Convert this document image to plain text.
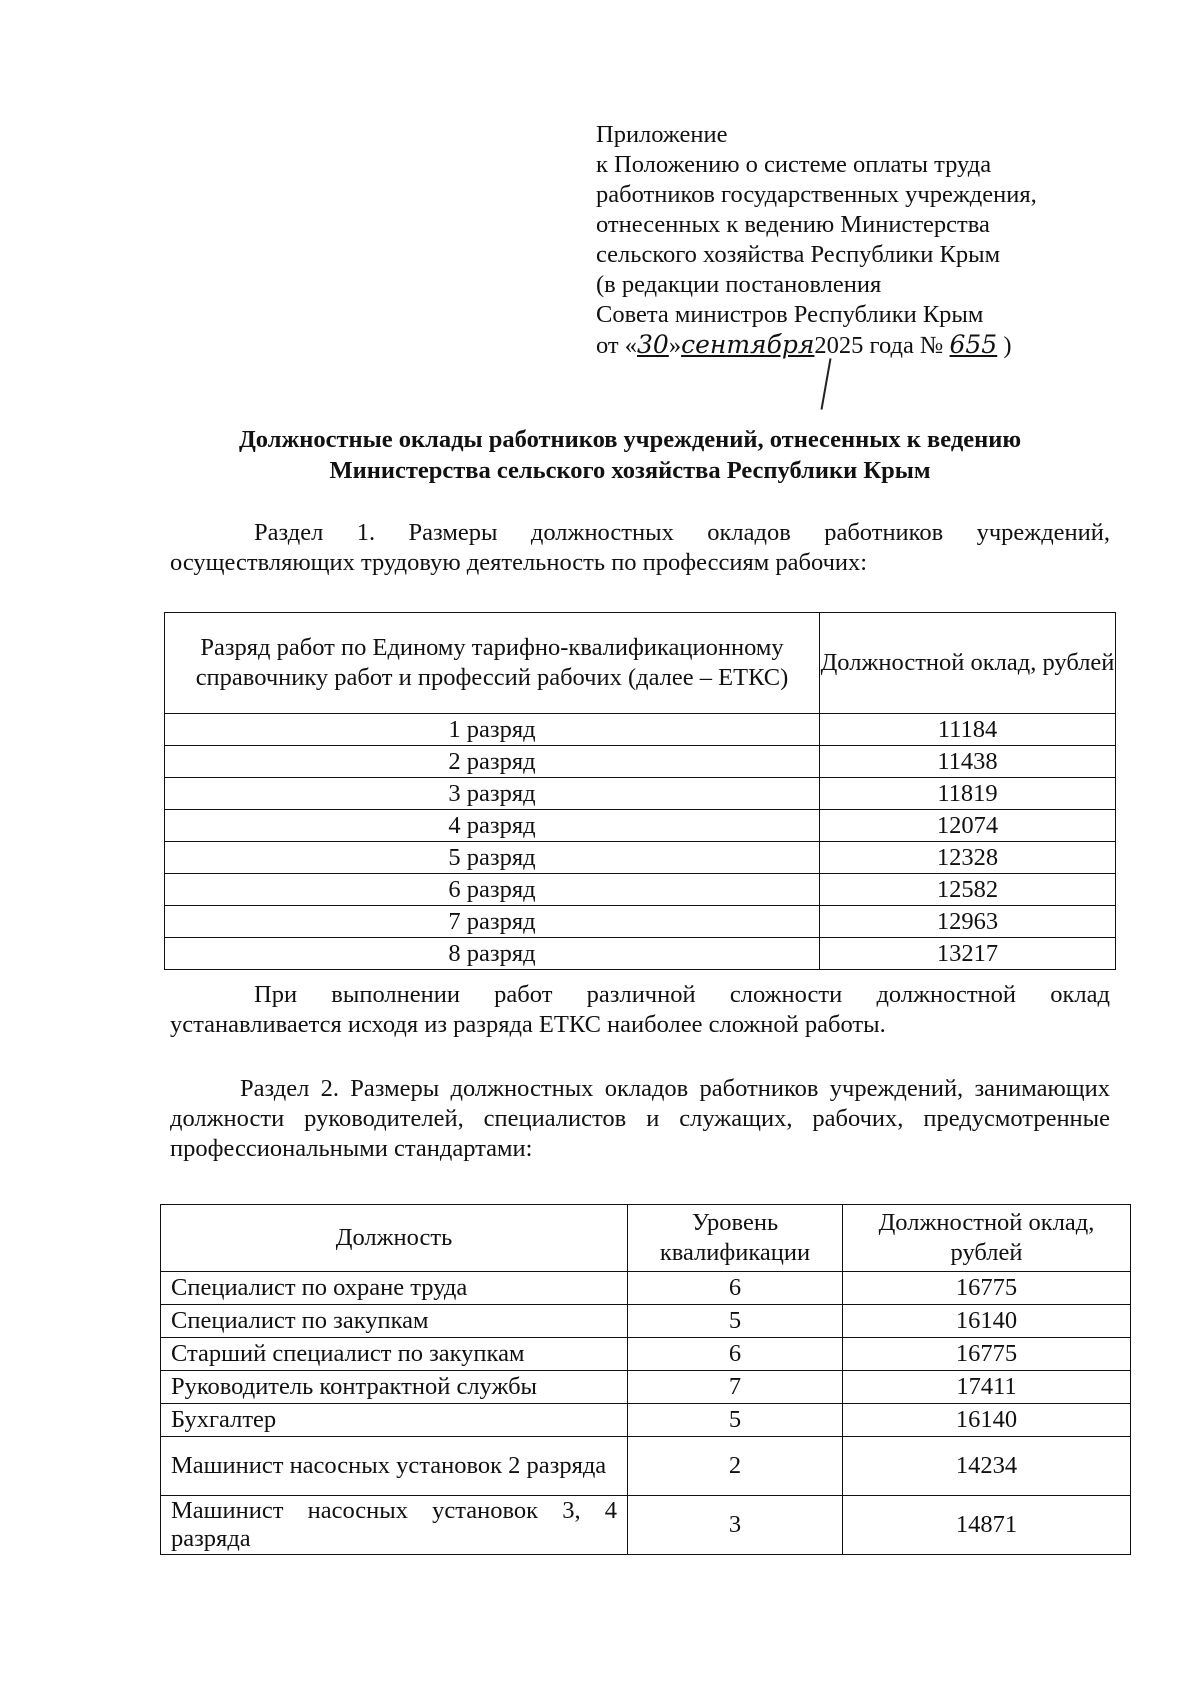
Приложение
к Положению о системе оплаты труда
работников государственных учреждения,
отнесенных к ведению Министерства
сельского хозяйства Республики Крым
(в редакции постановления
Совета министров Республики Крым
от «30»сентября2025 года № 655 )
Должностные оклады работников учреждений, отнесенных к ведению
Министерства сельского хозяйства Республики Крым
Раздел 1. Размеры должностных окладов работников учреждений, осуществляющих трудовую деятельность по профессиям рабочих:
Разряд работ по Единому тарифно-квалификационному справочнику работ и профессий рабочих (далее – ЕТКС)	Должностной оклад, рублей
1 разряд	11184
2 разряд	11438
3 разряд	11819
4 разряд	12074
5 разряд	12328
6 разряд	12582
7 разряд	12963
8 разряд	13217
При выполнении работ различной сложности должностной оклад устанавливается исходя из разряда ЕТКС наиболее сложной работы.
Раздел 2. Размеры должностных окладов работников учреждений, занимающих должности руководителей, специалистов и служащих, рабочих, предусмотренные профессиональными стандартами:
Должность	Уровень квалификации	Должностной оклад, рублей
Специалист по охране труда	6	16775
Специалист по закупкам	5	16140
Старший специалист по закупкам	6	16775
Руководитель контрактной службы	7	17411
Бухгалтер	5	16140
Машинист насосных установок 2 разряда	2	14234
Машинист насосных установок 3, 4 разряда	3	14871
